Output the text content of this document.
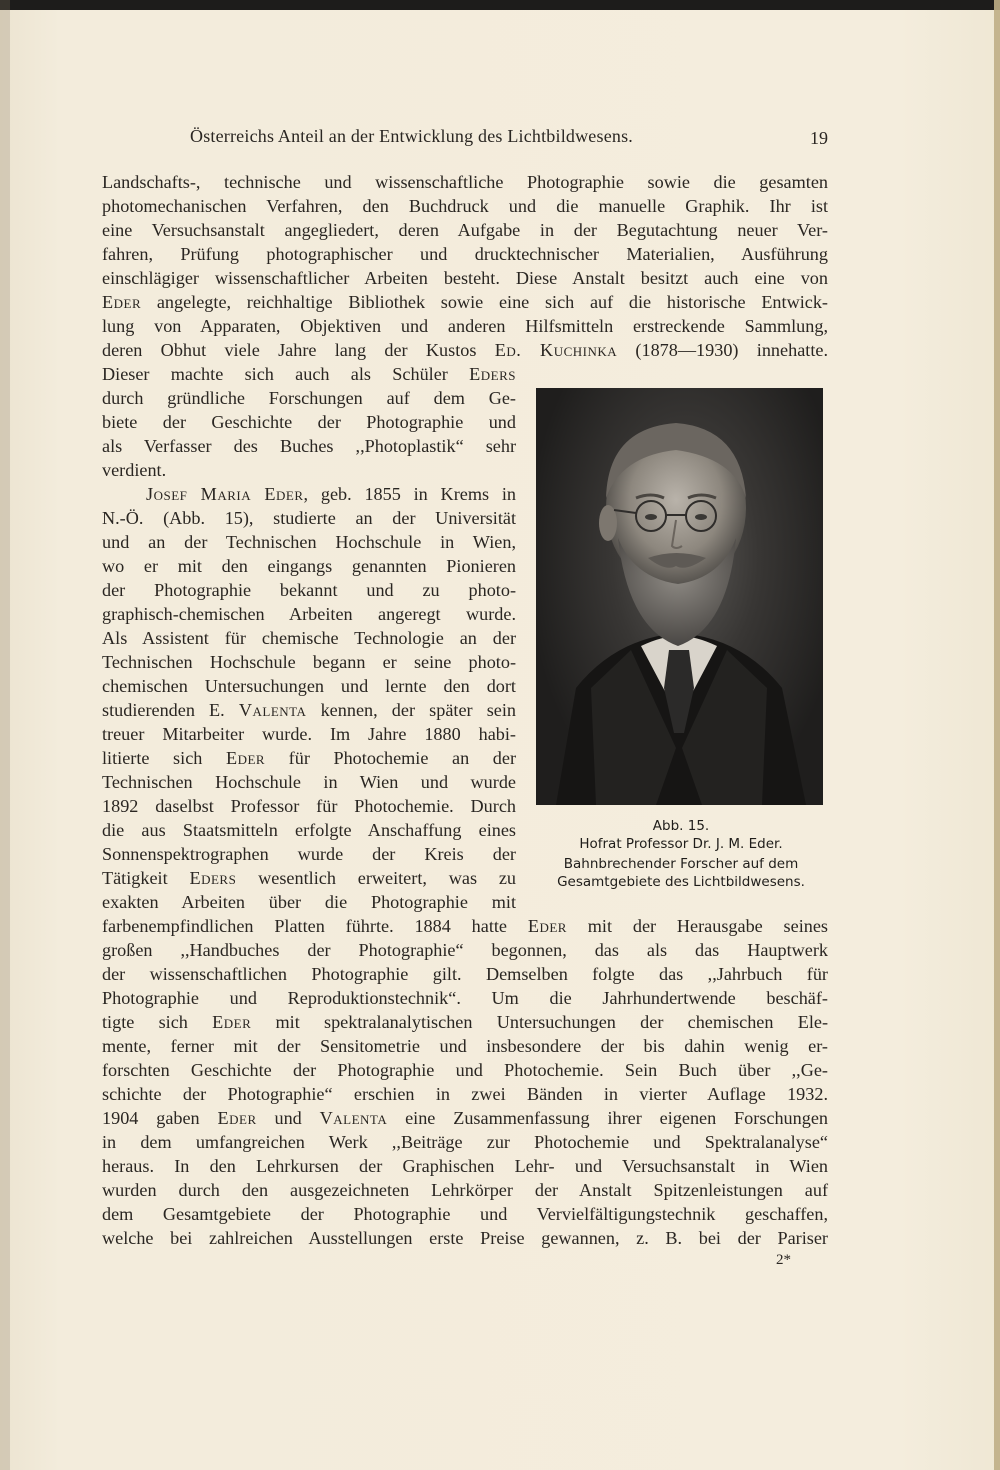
Österreichs Anteil an der Entwicklung des Lichtbildwesens.	19
Landschafts-, technische und wissenschaftliche Photographie sowie die gesamten
photomechanischen Verfahren, den Buchdruck und die manuelle Graphik. Ihr ist
eine Versuchsanstalt angegliedert, deren Aufgabe in der Begutachtung neuer Ver-
fahren, Prüfung photographischer und drucktechnischer Materialien, Ausführung
einschlägiger wissenschaftlicher Arbeiten besteht. Diese Anstalt besitzt auch eine von
Eder angelegte, reichhaltige Bibliothek sowie eine sich auf die historische Entwick-
lung von Apparaten, Objektiven und anderen Hilfsmitteln erstreckende Sammlung,
deren Obhut viele Jahre lang der Kustos Ed. Kuchinka (1878—1930) innehatte.
Dieser machte sich auch als Schüler Eders
durch gründliche Forschungen auf dem Ge-
biete der Geschichte der Photographie und
als Verfasser des Buches ,,Photoplastik“ sehr
verdient.
Josef Maria Eder, geb. 1855 in Krems in
N.-Ö. (Abb. 15), studierte an der Universität
und an der Technischen Hochschule in Wien,
wo er mit den eingangs genannten Pionieren
der Photographie bekannt und zu photo-
graphisch-chemischen Arbeiten angeregt wurde.
Als Assistent für chemische Technologie an der
Technischen Hochschule begann er seine photo-
chemischen Untersuchungen und lernte den dort
studierenden E. Valenta kennen, der später sein
treuer Mitarbeiter wurde. Im Jahre 1880 habi-
litierte sich Eder für Photochemie an der
Technischen Hochschule in Wien und wurde
1892 daselbst Professor für Photochemie. Durch
die aus Staatsmitteln erfolgte Anschaffung eines
Sonnenspektrographen wurde der Kreis der
Tätigkeit Eders wesentlich erweitert, was zu
exakten Arbeiten über die Photographie mit
farbenempfindlichen Platten führte. 1884 hatte Eder mit der Herausgabe seines
großen ,,Handbuches der Photographie“ begonnen, das als das Hauptwerk
der wissenschaftlichen Photographie gilt. Demselben folgte das ,,Jahrbuch für
Photographie und Reproduktionstechnik“. Um die Jahrhundertwende beschäf-
tigte sich Eder mit spektralanalytischen Untersuchungen der chemischen Ele-
mente, ferner mit der Sensitometrie und insbesondere der bis dahin wenig er-
forschten Geschichte der Photographie und Photochemie. Sein Buch über ,,Ge-
schichte der Photographie“ erschien in zwei Bänden in vierter Auflage 1932.
1904 gaben Eder und Valenta eine Zusammenfassung ihrer eigenen Forschungen
in dem umfangreichen Werk ,,Beiträge zur Photochemie und Spektralanalyse“
heraus. In den Lehrkursen der Graphischen Lehr- und Versuchsanstalt in Wien
wurden durch den ausgezeichneten Lehrkörper der Anstalt Spitzenleistungen auf
dem Gesamtgebiete der Photographie und Vervielfältigungstechnik geschaffen,
welche bei zahlreichen Ausstellungen erste Preise gewannen, z. B. bei der Pariser
Abb. 15.
Hofrat Professor Dr. J. M. Eder.
Bahnbrechender Forscher auf dem
Gesamtgebiete des Lichtbildwesens.
2*
